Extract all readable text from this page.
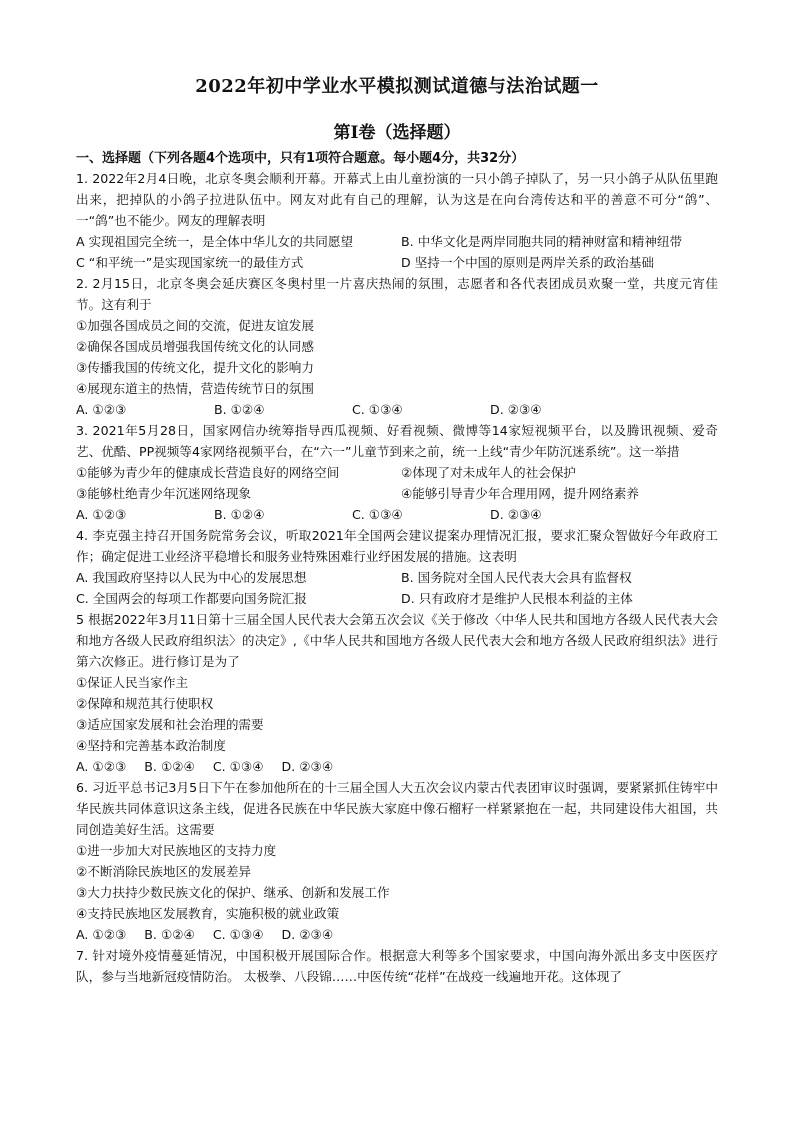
2022年初中学业水平模拟测试道德与法治试题一
第Ⅰ卷（选择题）
一、选择题（下列各题4个选项中，只有1项符合题意。每小题4分，共32分）

1. 2022年2月4日晚，北京冬奥会顺利开幕。开幕式上由儿童扮演的一只小鸽子掉队了，另一只小鸽子从队伍里跑出来，把掉队的小鸽子拉进队伍中。网友对此有自己的理解，认为这是在向台湾传达和平的善意不可分“鸽”、一“鸽”也不能少。网友的理解表明

A 实现祖国完全统一，是全体中华儿女的共同愿望	B. 中华文化是两岸同胞共同的精神财富和精神纽带
C “和平统一”是实现国家统一的最佳方式	D 坚持一个中国的原则是两岸关系的政治基础

2. 2月15日，北京冬奥会延庆赛区冬奥村里一片喜庆热闹的氛围，志愿者和各代表团成员欢聚一堂，共度元宵佳节。这有利于

①加强各国成员之间的交流，促进友谊发展

②确保各国成员增强我国传统文化的认同感

③传播我国的传统文化，提升文化的影响力

④展现东道主的热情，营造传统节日的氛围

A. ①②③	B. ①②④	C. ①③④	D. ②③④

3. 2021年5月28日，国家网信办统筹指导西瓜视频、好看视频、微博等14家短视频平台，以及腾讯视频、爱奇艺、优酷、PP视频等4家网络视频平台，在“六一”儿童节到来之前，统一上线“青少年防沉迷系统”。这一举措

①能够为青少年的健康成长营造良好的网络空间	②体现了对未成年人的社会保护
③能够杜绝青少年沉迷网络现象	④能够引导青少年合理用网，提升网络素养
A. ①②③	B. ①②④	C. ①③④	D. ②③④

4. 李克强主持召开国务院常务会议，听取2021年全国两会建议提案办理情况汇报，要求汇聚众智做好今年政府工作；确定促进工业经济平稳增长和服务业特殊困难行业纾困发展的措施。这表明

A. 我国政府坚持以人民为中心的发展思想	B. 国务院对全国人民代表大会具有监督权
C. 全国两会的每项工作都要向国务院汇报	D. 只有政府才是维护人民根本利益的主体

5 根据2022年3月11日第十三届全国人民代表大会第五次会议《关于修改〈中华人民共和国地方各级人民代表大会和地方各级人民政府组织法〉的决定》,《中华人民共和国地方各级人民代表大会和地方各级人民政府组织法》进行第六次修正。进行修订是为了

①保证人民当家作主

②保障和规范其行使职权

③适应国家发展和社会治理的需要

④坚持和完善基本政治制度

A. ①②③ B. ①②④ C. ①③④ D. ②③④

6. 习近平总书记3月5日下午在参加他所在的十三届全国人大五次会议内蒙古代表团审议时强调，要紧紧抓住铸牢中华民族共同体意识这条主线，促进各民族在中华民族大家庭中像石榴籽一样紧紧抱在一起，共同建设伟大祖国，共同创造美好生活。这需要

①进一步加大对民族地区的支持力度

②不断消除民族地区的发展差异

③大力扶持少数民族文化的保护、继承、创新和发展工作

④支持民族地区发展教育，实施积极的就业政策

A. ①②③ B. ①②④ C. ①③④ D. ②③④

7. 针对境外疫情蔓延情况，中国积极开展国际合作。根据意大利等多个国家要求，中国向海外派出多支中医医疗队，参与当地新冠疫情防治。 太极拳、八段锦……中医传统“花样”在战疫一线遍地开花。这体现了
